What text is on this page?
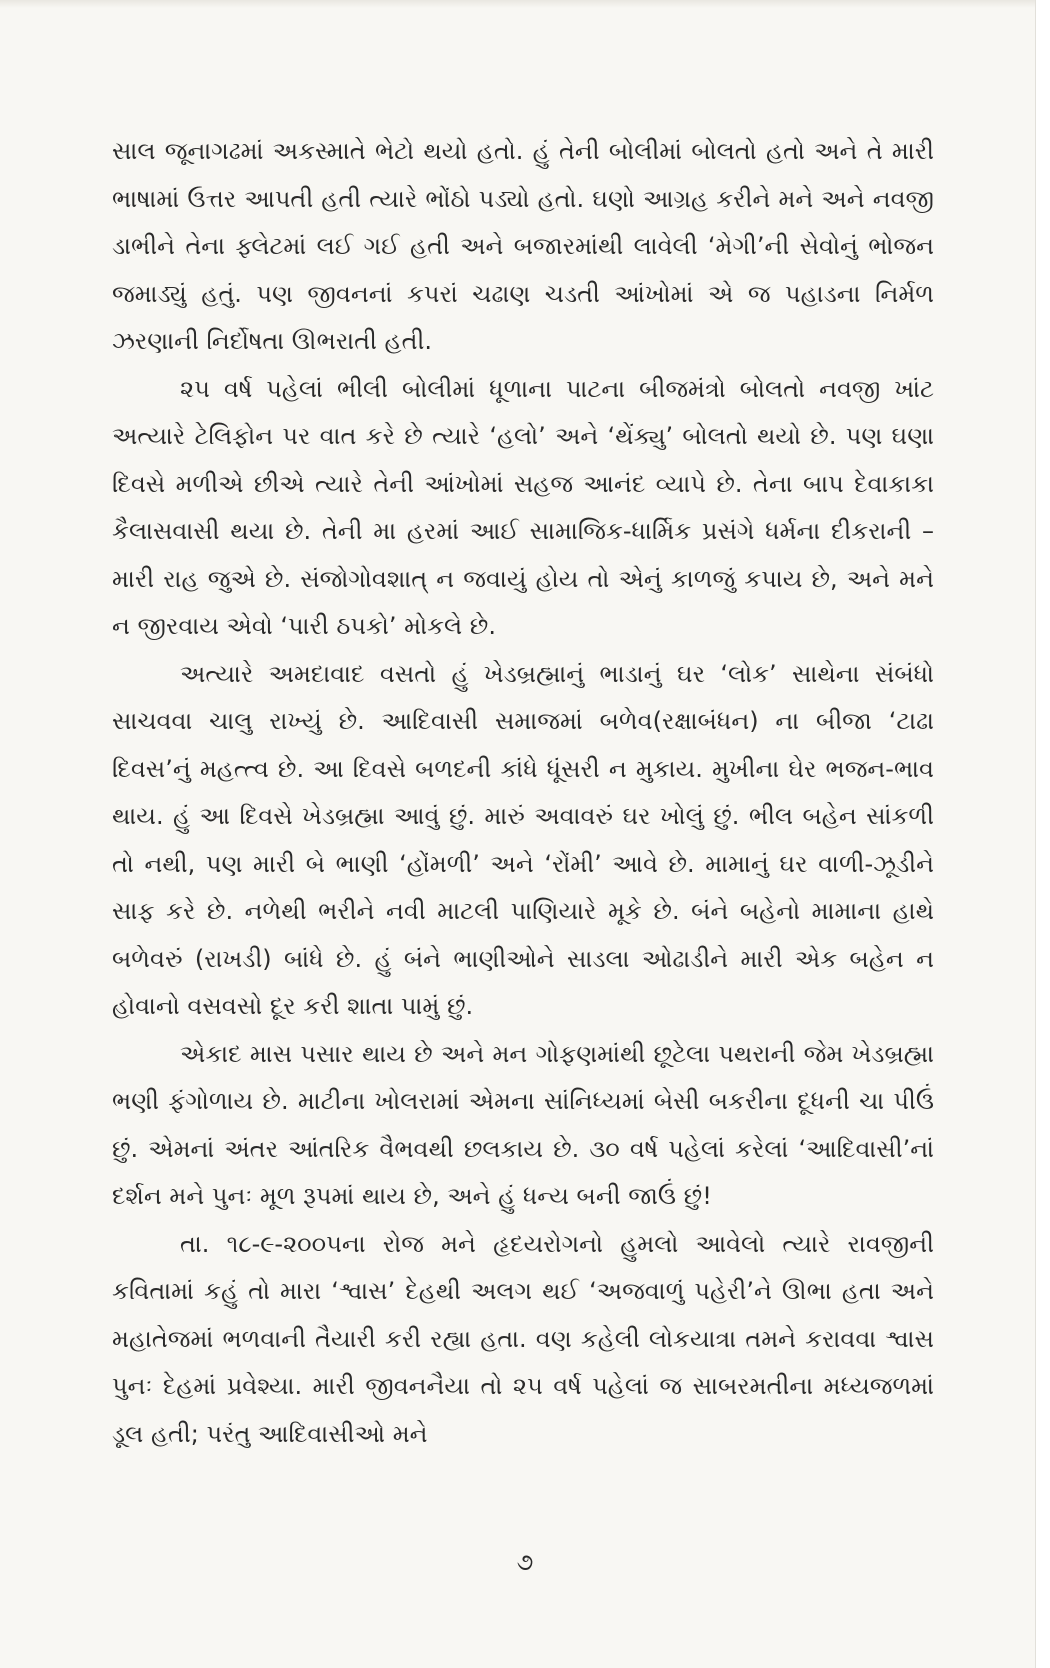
સાલ જૂનાગઢમાં અકસ્માતે ભેટો થયો હતો. હું તેની બોલીમાં બોલતો હતો અને તે મારી ભાષામાં ઉત્તર આપતી હતી ત્યારે ભોંઠો પડ્યો હતો. ઘણો આગ્રહ કરીને મને અને નવજી ડાભીને તેના ફ્લેટમાં લઈ ગઈ હતી અને બજારમાંથી લાવેલી ‘મેગી’ની સેવોનું ભોજન જમાડ્યું હતું. પણ જીવનનાં કપરાં ચઢાણ ચડતી આંખોમાં એ જ પહાડના નિર્મળ ઝરણાની નિર્દોષતા ઊભરાતી હતી.

૨૫ વર્ષ પહેલાં ભીલી બોલીમાં ધૂળાના પાટના બીજમંત્રો બોલતો નવજી ખાંટ અત્યારે ટેલિફોન પર વાત કરે છે ત્યારે ‘હલો’ અને ‘થેંક્યુ’ બોલતો થયો છે. પણ ઘણા દિવસે મળીએ છીએ ત્યારે તેની આંખોમાં સહજ આનંદ વ્યાપે છે. તેના બાપ દેવાકાકા કૈલાસવાસી થયા છે. તેની મા હરમાં આઈ સામાજિક-ધાર્મિક પ્રસંગે ધર્મના દીકરાની – મારી રાહ જુએ છે. સંજોગોવશાત્ ન જવાયું હોય તો એનું કાળજું કપાય છે, અને મને ન જીરવાય એવો ‘પારી ઠપકો’ મોકલે છે.

અત્યારે અમદાવાદ વસતો હું ખેડબ્રહ્માનું ભાડાનું ઘર ‘લોક’ સાથેના સંબંધો સાચવવા ચાલુ રાખ્યું છે. આદિવાસી સમાજમાં બળેવ(રક્ષાબંધન) ના બીજા ‘ટાઢા દિવસ’નું મહત્ત્વ છે. આ દિવસે બળદની કાંધે ધૂંસરી ન મુકાય. મુખીના ઘેર ભજન-ભાવ થાય. હું આ દિવસે ખેડબ્રહ્મા આવું છું. મારું અવાવરું ઘર ખોલું છું. ભીલ બહેન સાંકળી તો નથી, પણ મારી બે ભાણી ‘હોંમળી’ અને ‘રોંમી’ આવે છે. મામાનું ઘર વાળી-ઝૂડીને સાફ કરે છે. નળેથી ભરીને નવી માટલી પાણિયારે મૂકે છે. બંને બહેનો મામાના હાથે બળેવરું (રાખડી) બાંધે છે. હું બંને ભાણીઓને સાડલા ઓઢાડીને મારી એક બહેન ન હોવાનો વસવસો દૂર કરી શાતા પામું છું.

એકાદ માસ પસાર થાય છે અને મન ગોફણમાંથી છૂટેલા પથરાની જેમ ખેડબ્રહ્મા ભણી ફંગોળાય છે. માટીના ખોલરામાં એમના સાંનિધ્યમાં બેસી બકરીના દૂધની ચા પીઉં છું. એમનાં અંતર આંતરિક વૈભવથી છલકાય છે. ૩૦ વર્ષ પહેલાં કરેલાં ‘આદિવાસી’નાં દર્શન મને પુનઃ મૂળ રૂપમાં થાય છે, અને હું ધન્ય બની જાઉં છું!

તા. ૧૮-૯-૨૦૦૫ના રોજ મને હૃદયરોગનો હુમલો આવેલો ત્યારે રાવજીની કવિતામાં કહું તો મારા ‘શ્વાસ’ દેહથી અલગ થઈ ‘અજવાળું પહેરી’ને ઊભા હતા અને મહાતેજમાં ભળવાની તૈયારી કરી રહ્યા હતા. વણ કહેલી લોકયાત્રા તમને કરાવવા શ્વાસ પુનઃ દેહમાં પ્રવેશ્યા. મારી જીવનનૈયા તો ૨૫ વર્ષ પહેલાં જ સાબરમતીના મધ્યજળમાં ડૂલ હતી; પરંતુ આદિવાસીઓ મને

૭
